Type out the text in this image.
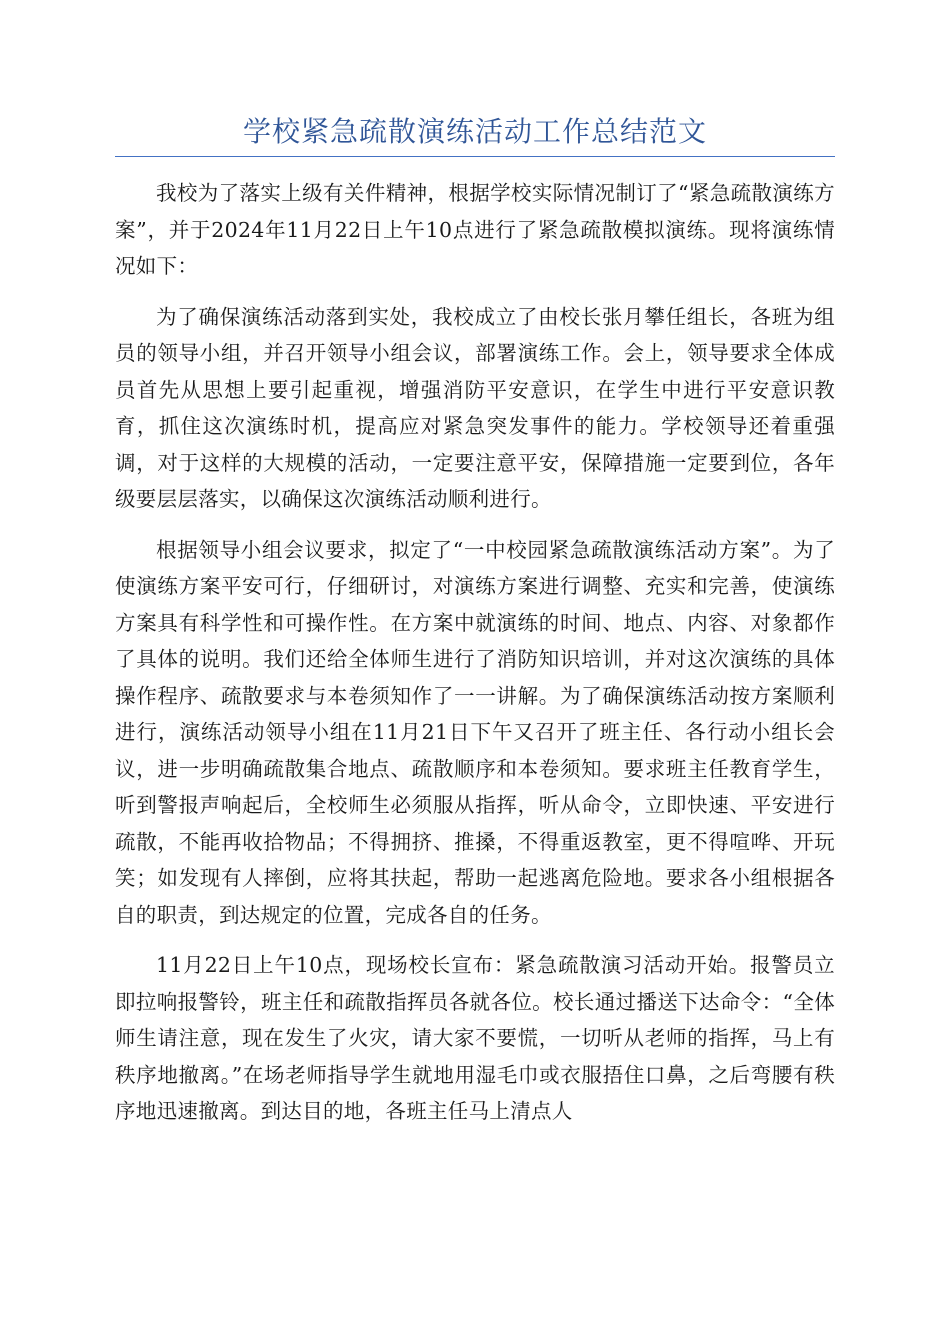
学校紧急疏散演练活动工作总结范文

我校为了落实上级有关件精神，根据学校实际情况制订了“紧急疏散演练方案”，并于2024年11月22日上午10点进行了紧急疏散模拟演练。现将演练情况如下：

为了确保演练活动落到实处，我校成立了由校长张月攀任组长，各班为组员的领导小组，并召开领导小组会议，部署演练工作。会上，领导要求全体成员首先从思想上要引起重视，增强消防平安意识，在学生中进行平安意识教育，抓住这次演练时机，提高应对紧急突发事件的能力。学校领导还着重强调，对于这样的大规模的活动，一定要注意平安，保障措施一定要到位，各年级要层层落实，以确保这次演练活动顺利进行。

根据领导小组会议要求，拟定了“一中校园紧急疏散演练活动方案”。为了使演练方案平安可行，仔细研讨，对演练方案进行调整、充实和完善，使演练方案具有科学性和可操作性。在方案中就演练的时间、地点、内容、对象都作了具体的说明。我们还给全体师生进行了消防知识培训，并对这次演练的具体操作程序、疏散要求与本卷须知作了一一讲解。为了确保演练活动按方案顺利进行，演练活动领导小组在11月21日下午又召开了班主任、各行动小组长会议，进一步明确疏散集合地点、疏散顺序和本卷须知。要求班主任教育学生，听到警报声响起后，全校师生必须服从指挥，听从命令，立即快速、平安进行疏散，不能再收拾物品；不得拥挤、推搡，不得重返教室，更不得喧哗、开玩笑；如发现有人摔倒，应将其扶起，帮助一起逃离危险地。要求各小组根据各自的职责，到达规定的位置，完成各自的任务。

11月22日上午10点，现场校长宣布：紧急疏散演习活动开始。报警员立即拉响报警铃，班主任和疏散指挥员各就各位。校长通过播送下达命令：“全体师生请注意，现在发生了火灾，请大家不要慌，一切听从老师的指挥，马上有秩序地撤离。”在场老师指导学生就地用湿毛巾或衣服捂住口鼻，之后弯腰有秩序地迅速撤离。到达目的地，各班主任马上清点人
